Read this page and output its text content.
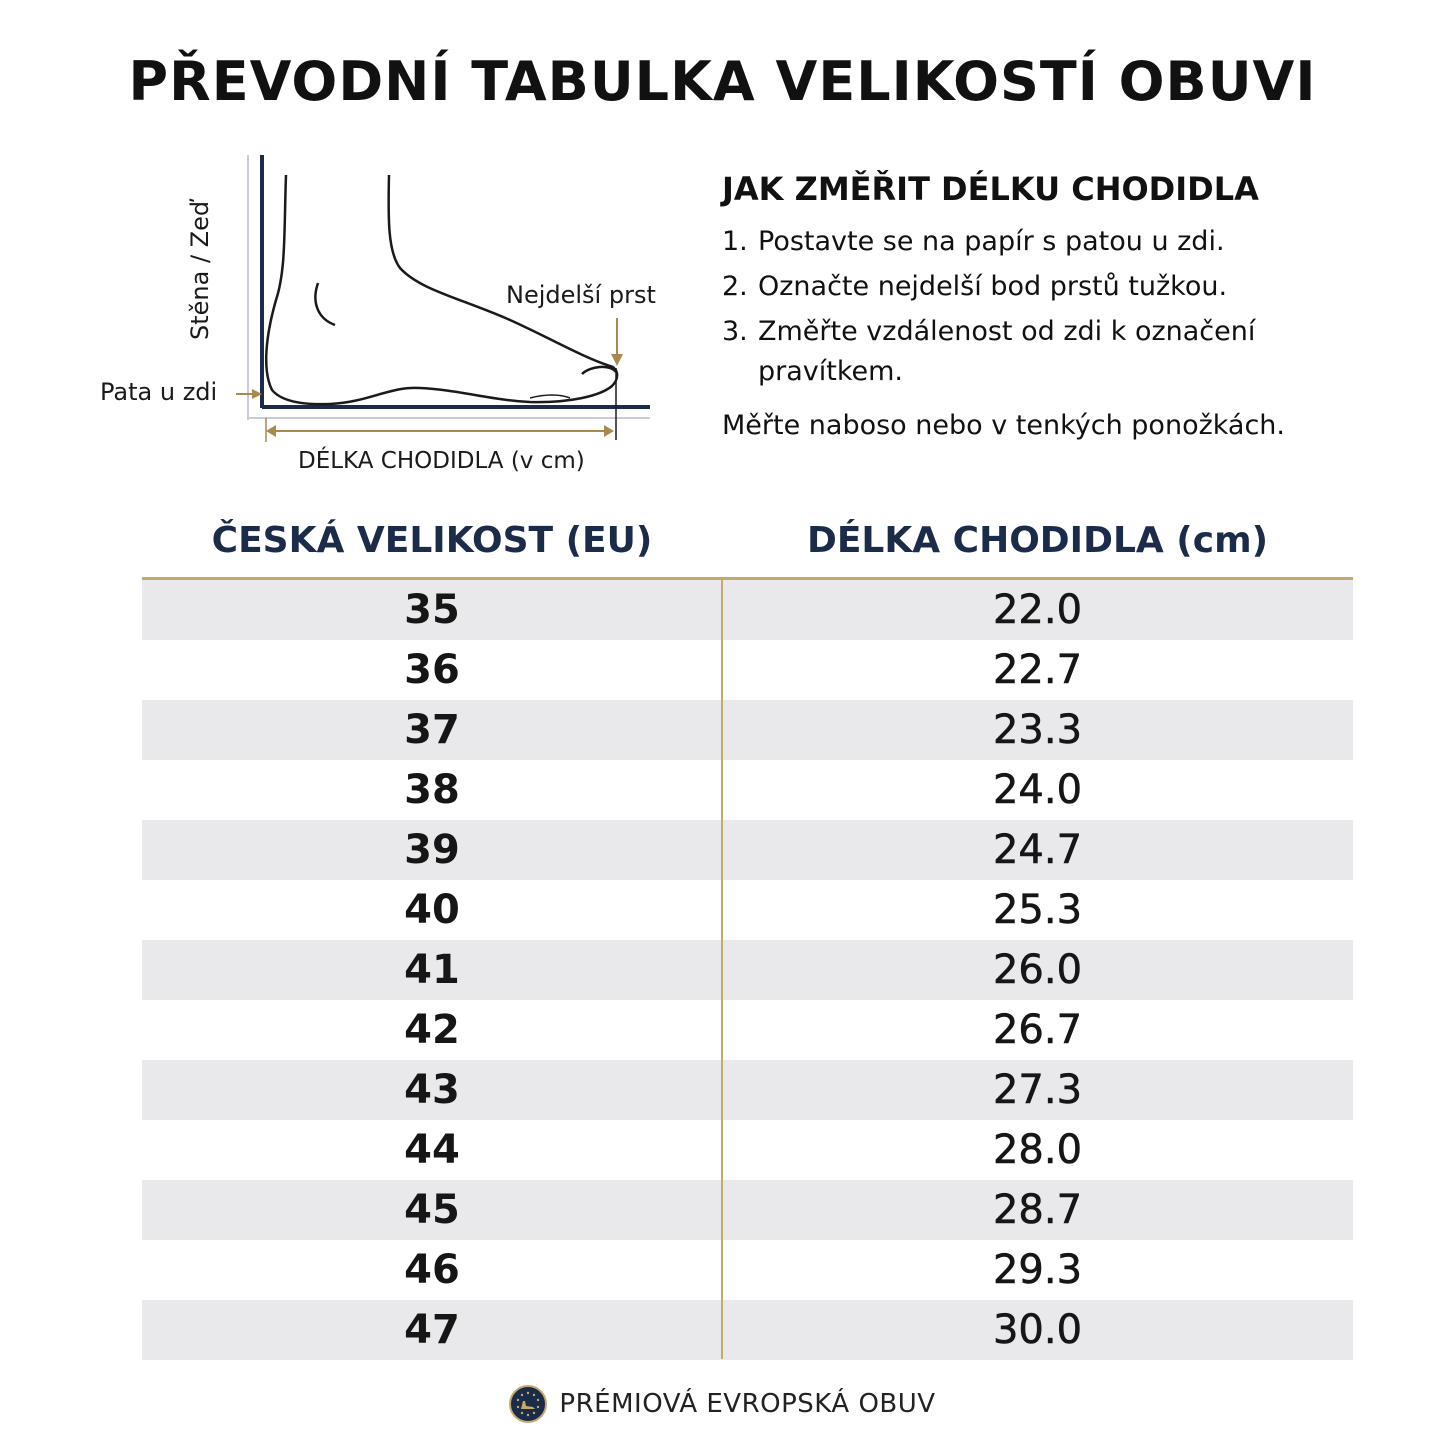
PŘEVODNÍ TABULKA VELIKOSTÍ OBUVI
Stěna / Zeď
Pata u zdi
Nejdelší prst
DÉLKA CHODIDLA (v cm)
JAK ZMĚŘIT DÉLKU CHODIDLA
1. Postavte se na papír s patou u zdi.
2. Označte nejdelší bod prstů tužkou.
3. Změřte vzdálenost od zdi k označení pravítkem.
Měřte naboso nebo v tenkých ponožkách.
ČESKÁ VELIKOST (EU)	DÉLKA CHODIDLA (cm)
35	22.0
36	22.7
37	23.3
38	24.0
39	24.7
40	25.3
41	26.0
42	26.7
43	27.3
44	28.0
45	28.7
46	29.3
47	30.0
PRÉMIOVÁ EVROPSKÁ OBUV
